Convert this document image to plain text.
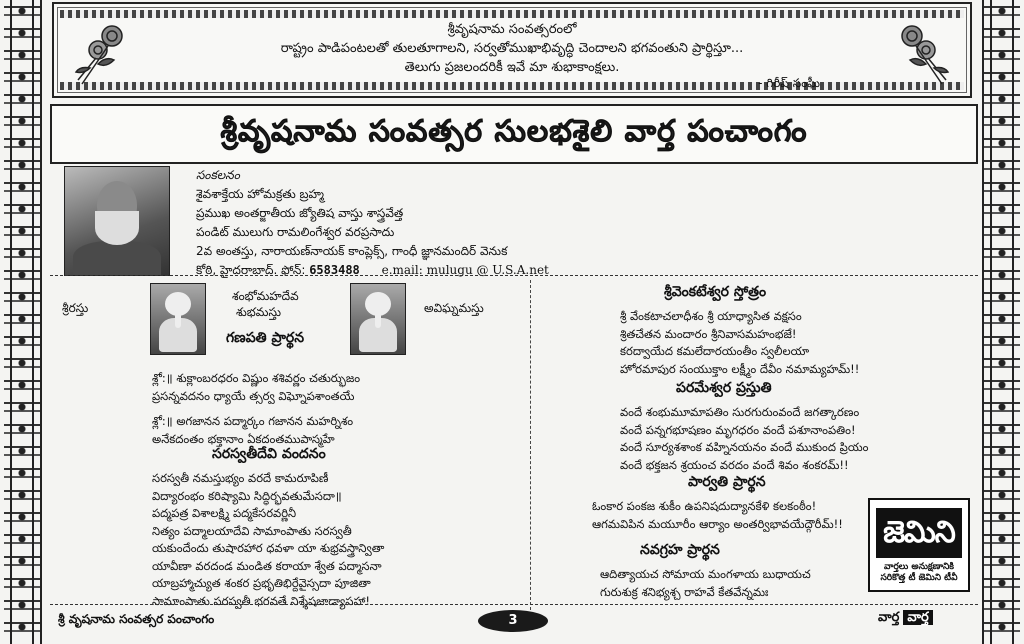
శ్రీవృషనామ సంవత్సరంలో
రాష్ట్రం పాడిపంటలతో తులతూగాలని, సర్వతోముఖాభివృద్ధి చెందాలని భగవంతుని ప్రార్థిస్తూ...
తెలుగు ప్రజలందరికీ ఇవే మా శుభాకాంక్షలు.
- గిరీష్ సంఘీ
శ్రీవృషనామ సంవత్సర సులభశైలి వార్త పంచాంగం
సంకలనం
శైవశాక్తేయ హోమక్రతు బ్రహ్మ
ప్రముఖ అంతర్జాతీయ జ్యోతిష వాస్తు శాస్త్రవేత్త
పండిట్ ములుగు రామలింగేశ్వర వరప్రసాదు
2వ అంతస్తు, నారాయణ్‌నాయక్ కాంప్లెక్స్, గాంధీ జ్ఞానమందిర్ వెనుక
కోఠి, హైదరాబాద్. ఫోన్: 6583488 e.mail: mulugu @ U.S.A.net
శ్రీరస్తు
శంభోమహదేవ
శుభమస్తు	అవిఘ్నమస్తు
గణపతి ప్రార్థన
శ్లో:॥ శుక్లాంబరధరం విష్ణుం శశివర్ణం చతుర్భుజం
ప్రసన్నవదనం ధ్యాయే త్సర్వ విఘ్నోపశాంతయే
శ్లో:॥ అగజానన పద్మార్కం గజానన మహర్నిశం
అనేకదంతం భక్తానాం ఏకదంతముపాస్మహే
సరస్వతీదేవి వందనం
సరస్వతీ నమస్తుభ్యం వరదే కామరూపిణీ
విద్యారంభం కరిష్యామి సిద్ధిర్భవతుమేసదా॥
పద్మపత్ర విశాలక్ష్మి పద్మకేసరవర్ణినీ
నిత్యం పద్మాలయాదేవి సామాంపాతు సరస్వతీ
యకుందేందు తుషారహార ధవళా యా శుభ్రవస్త్రాన్వితా
యావీణా వరదండ మండిత కరాయా శ్వేత పద్మాసనా
యాబ్రహ్మాచ్యుత శంకర ప్రభృతిభిర్దేవైస్సదా పూజితా
సామాంపాతు సరస్వతీ భగవతే నిశ్శేషజాడ్యాపహా!
శ్రీవెంకటేశ్వర స్తోత్రం
శ్రీ వేంకటాచలాధీశం శ్రీ యాధ్యాసిత వక్షసం
శ్రితచేతన మందారం శ్రీనివాసమహంభజే!
కరద్వాయేద కమలేదారయంతీం స్వలీలయా
హోరమాపుర సంయుక్తాం లక్ష్మీం దేవీం నమామ్యహమ్!!
పరమేశ్వర ప్రస్తుతి
వందే శంభుమూమాపతిం సురగురుంవందే జగత్కారణం
వందే పన్నగభూషణం మృగధరం వందే పశూనాంపతిం!
వందే సూర్యశశాంక వహ్నినయనం వందే ముకుంద ప్రియం
వందే భక్తజన శ్రయంచ వరదం వందే శివం శంకరమ్!!
పార్వతి ప్రార్థన
ఓంకార పంకజ శుకీం ఉపనిషదుద్యానకేళి కలకంఠీం!
ఆగమవిపిన మయూరీం ఆర్యాం అంతర్విభావయేద్గౌరీమ్!!
నవగ్రహ ప్రార్థన
ఆదిత్యాయచ సోమాయ మంగళాయ బుధాయచ
గురుశుక్ర శనిభ్యశ్చ రాహవే కేతవేన్నమః
జెమిని
వార్తలు అనుక్షణానికి సరికొత్త టీ జెమిని టీవీ
శ్రీ వృషనామ సంవత్సర పంచాంగం	3	వార్త వార్త
